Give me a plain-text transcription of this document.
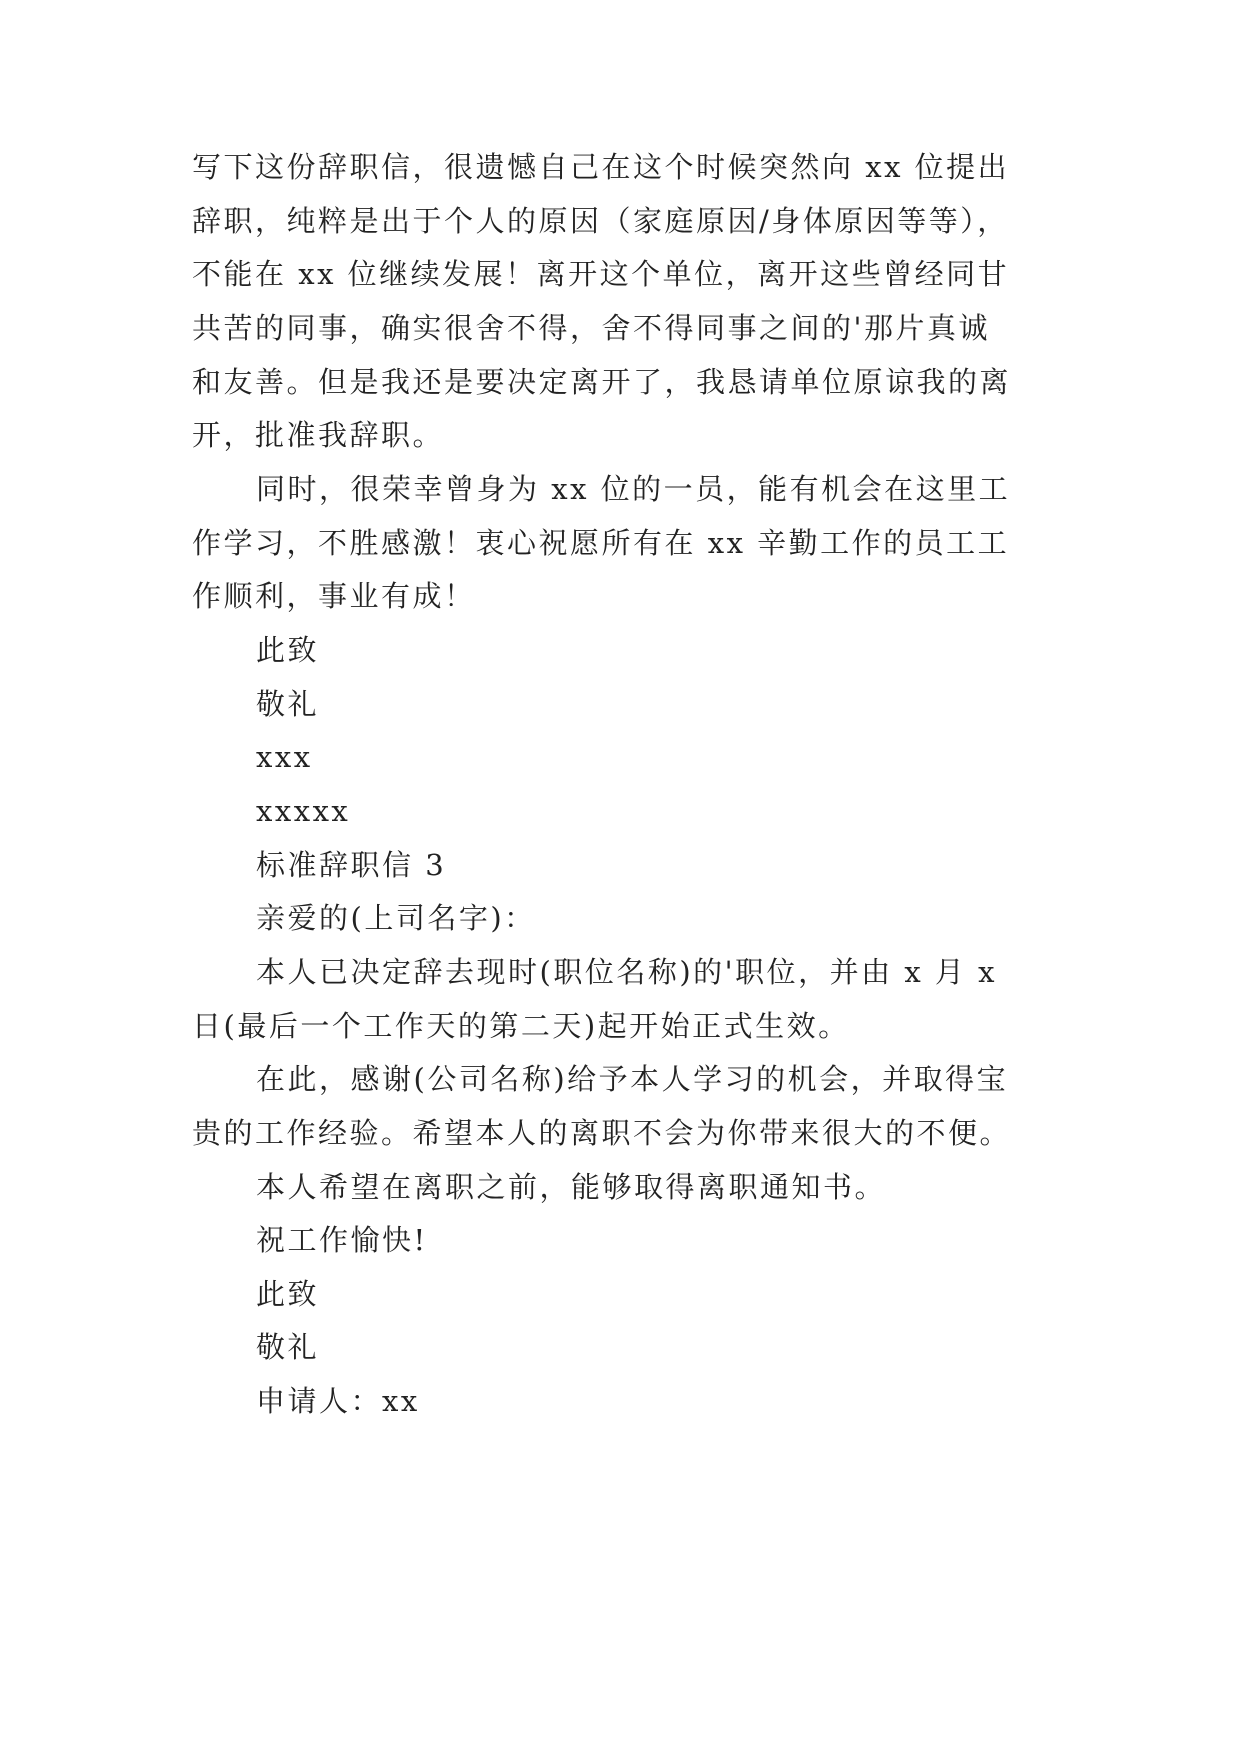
写下这份辞职信，很遗憾自己在这个时候突然向 xx 位提出
辞职，纯粹是出于个人的原因（家庭原因/身体原因等等），
不能在 xx 位继续发展！离开这个单位，离开这些曾经同甘
共苦的同事，确实很舍不得，舍不得同事之间的'那片真诚
和友善。但是我还是要决定离开了，我恳请单位原谅我的离
开，批准我辞职。
同时，很荣幸曾身为 xx 位的一员，能有机会在这里工
作学习，不胜感激！衷心祝愿所有在 xx 辛勤工作的员工工
作顺利，事业有成！
此致
敬礼
xxx
xxxxx
标准辞职信 3
亲爱的(上司名字)：
本人已决定辞去现时(职位名称)的'职位，并由 x 月 x
日(最后一个工作天的第二天)起开始正式生效。
在此，感谢(公司名称)给予本人学习的机会，并取得宝
贵的工作经验。希望本人的离职不会为你带来很大的不便。
本人希望在离职之前，能够取得离职通知书。
祝工作愉快!
此致
敬礼
申请人：xx
